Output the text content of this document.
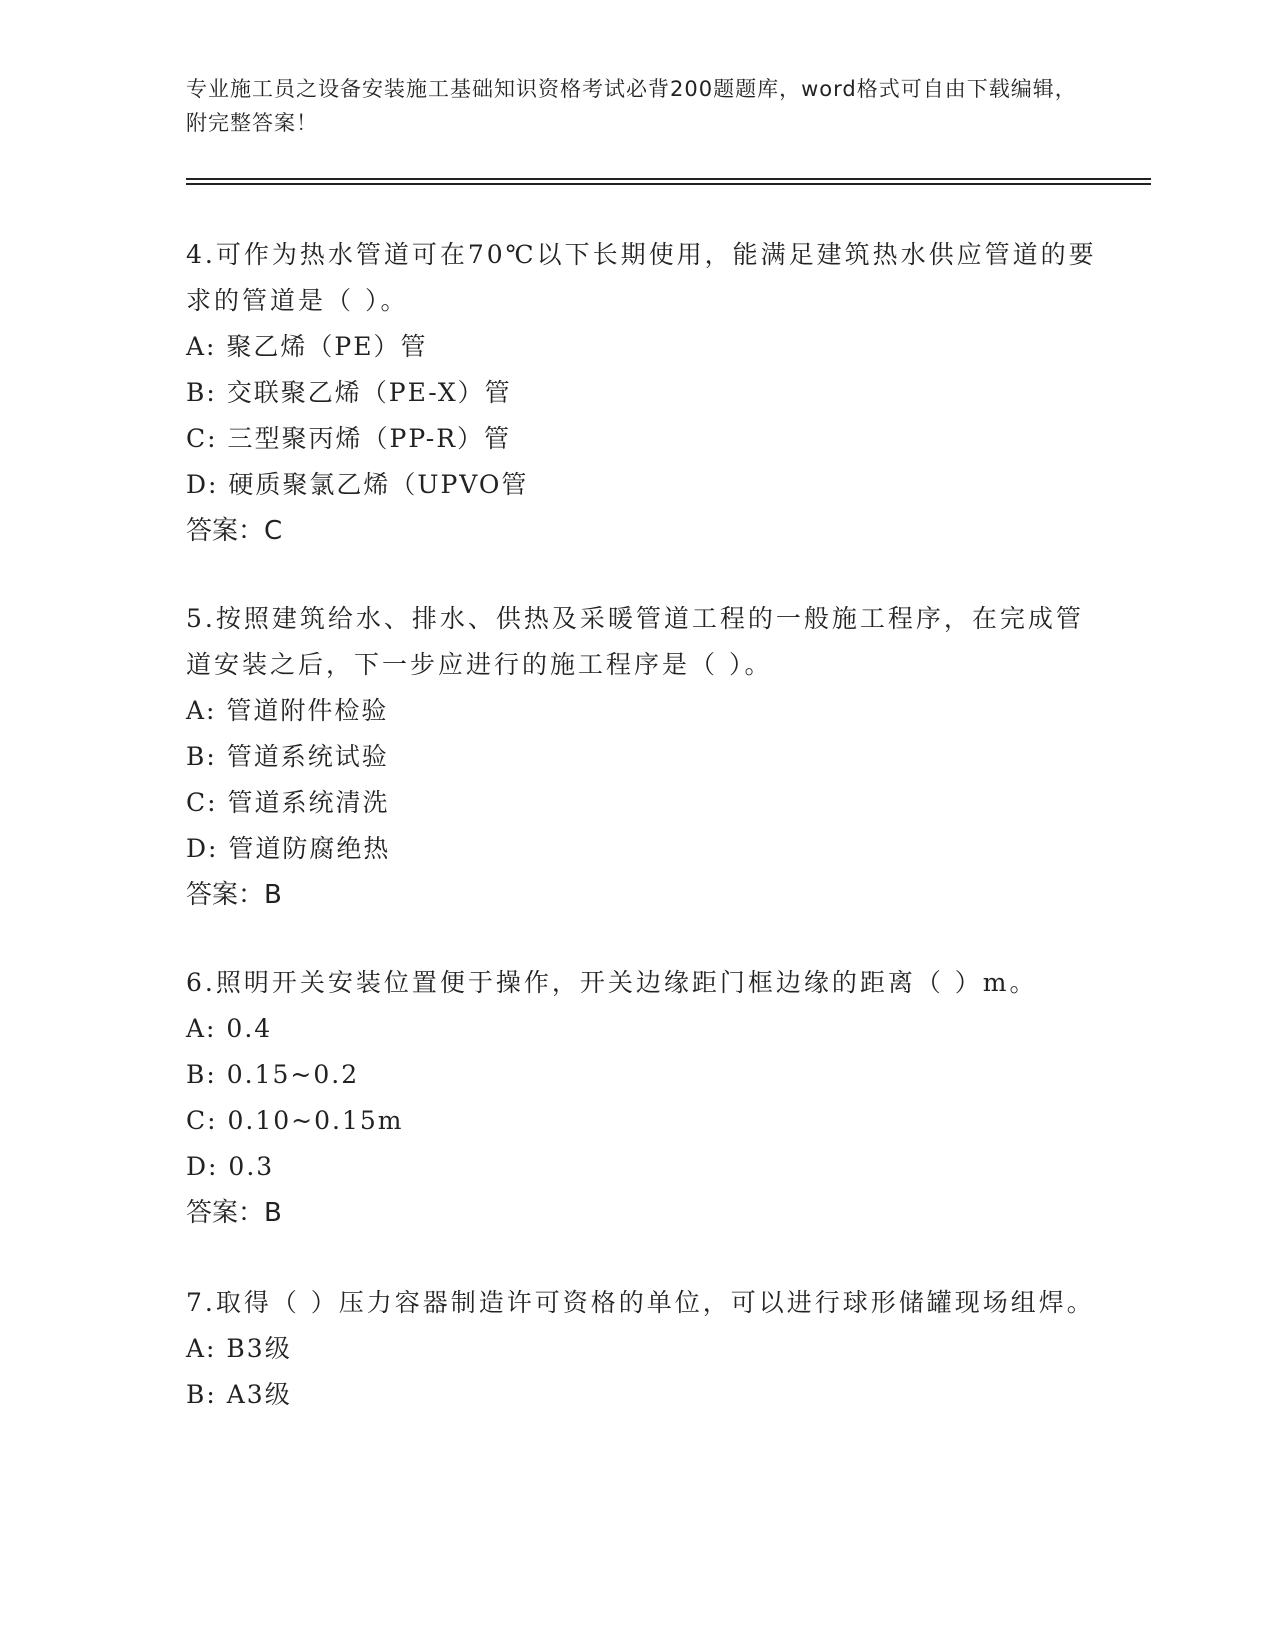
专业施工员之设备安装施工基础知识资格考试必背200题题库，word格式可自由下载编辑，附完整答案！

4.可作为热水管道可在70℃以下长期使用，能满足建筑热水供应管道的要求的管道是（ ）。

A: 聚乙烯（PE）管

B: 交联聚乙烯（PE-X）管

C: 三型聚丙烯（PP-R）管

D: 硬质聚氯乙烯（UPVO管

答案：C

5.按照建筑给水、排水、供热及采暖管道工程的一般施工程序，在完成管道安装之后，下一步应进行的施工程序是（ ）。

A: 管道附件检验

B: 管道系统试验

C: 管道系统清洗

D: 管道防腐绝热

答案：B

6.照明开关安装位置便于操作，开关边缘距门框边缘的距离（ ）m。

A: 0.4

B: 0.15~0.2

C: 0.10~0.15m

D: 0.3

答案：B

7.取得（ ）压力容器制造许可资格的单位，可以进行球形储罐现场组焊。

A: B3级

B: A3级
